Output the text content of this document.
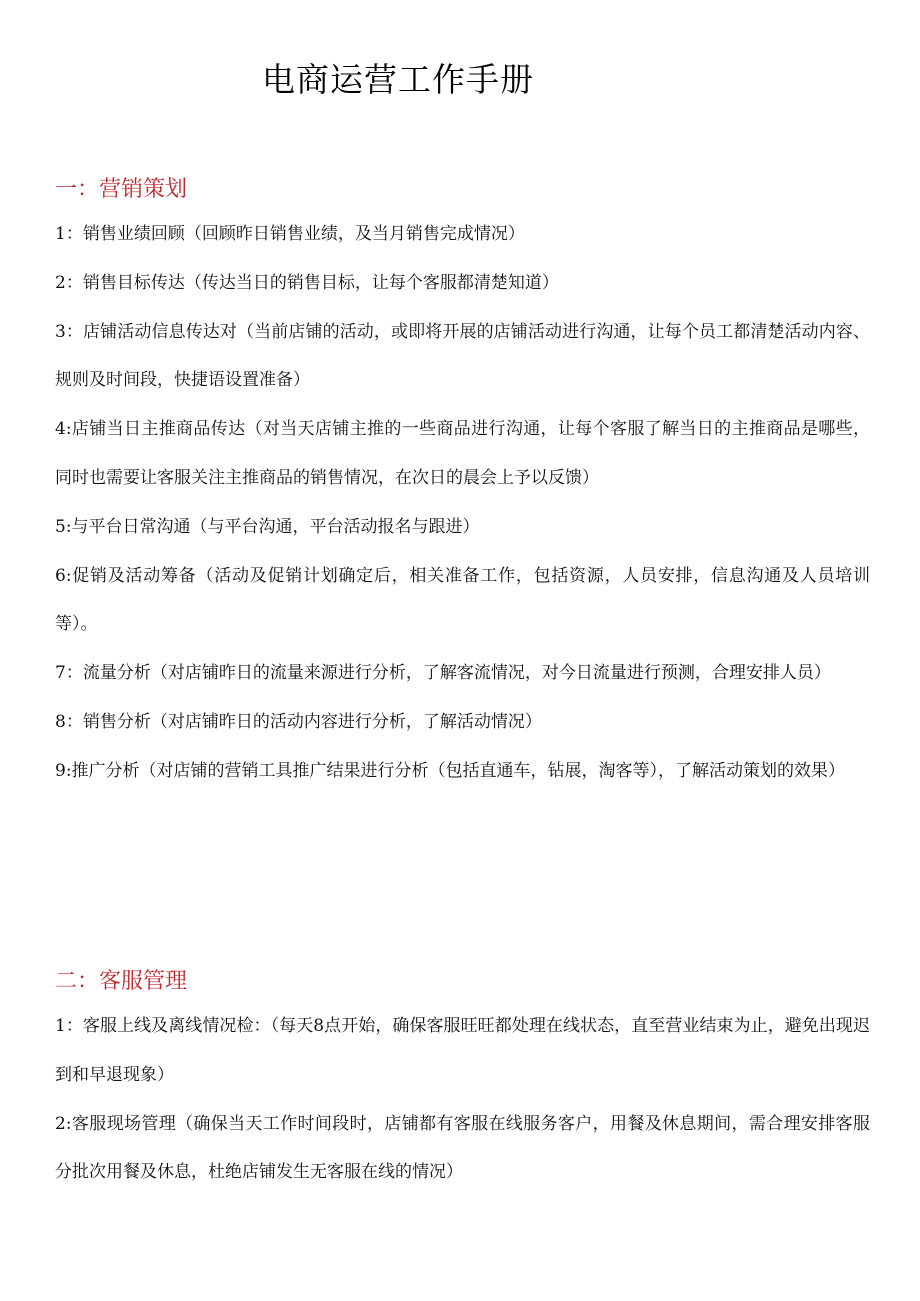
电商运营工作手册
一：营销策划

1：销售业绩回顾（回顾昨日销售业绩，及当月销售完成情况）

2：销售目标传达（传达当日的销售目标，让每个客服都清楚知道）

3：店铺活动信息传达对（当前店铺的活动，或即将开展的店铺活动进行沟通，让每个员工都清楚活动内容、规则及时间段，快捷语设置准备）

4:店铺当日主推商品传达（对当天店铺主推的一些商品进行沟通，让每个客服了解当日的主推商品是哪些，同时也需要让客服关注主推商品的销售情况，在次日的晨会上予以反馈）

5:与平台日常沟通（与平台沟通，平台活动报名与跟进）

6:促销及活动筹备（活动及促销计划确定后，相关准备工作，包括资源，人员安排，信息沟通及人员培训等）。

7：流量分析（对店铺昨日的流量来源进行分析，了解客流情况，对今日流量进行预测，合理安排人员）

8：销售分析（对店铺昨日的活动内容进行分析，了解活动情况）

9:推广分析（对店铺的营销工具推广结果进行分析（包括直通车，钻展，淘客等），了解活动策划的效果）

二：客服管理

1：客服上线及离线情况检：（每天8点开始，确保客服旺旺都处理在线状态，直至营业结束为止，避免出现迟到和早退现象）

2:客服现场管理（确保当天工作时间段时，店铺都有客服在线服务客户，用餐及休息期间，需合理安排客服分批次用餐及休息，杜绝店铺发生无客服在线的情况）
